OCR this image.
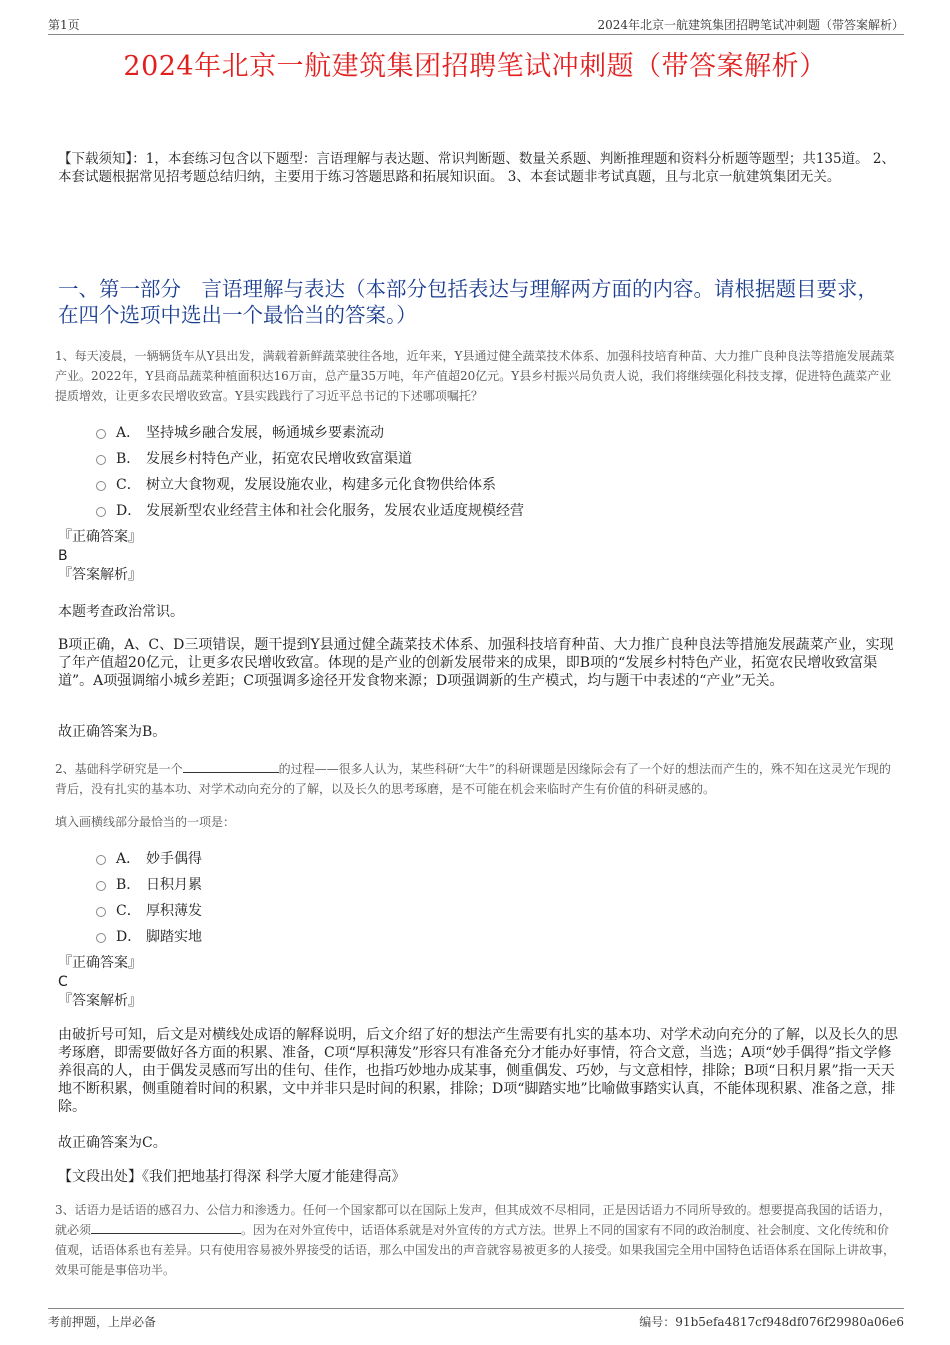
第1页	2024年北京一航建筑集团招聘笔试冲刺题（带答案解析）
2024年北京一航建筑集团招聘笔试冲刺题（带答案解析）
【下载须知】：1，本套练习包含以下题型：言语理解与表达题、常识判断题、数量关系题、判断推理题和资料分析题等题型；共135道。 2、本套试题根据常见招考题总结归纳，主要用于练习答题思路和拓展知识面。 3、本套试题非考试真题，且与北京一航建筑集团无关。
一、第一部分　言语理解与表达（本部分包括表达与理解两方面的内容。请根据题目要求，在四个选项中选出一个最恰当的答案。）
1、每天凌晨，一辆辆货车从Y县出发，满载着新鲜蔬菜驶往各地，近年来，Y县通过健全蔬菜技术体系、加强科技培育种苗、大力推广良种良法等措施发展蔬菜产业。2022年，Y县商品蔬菜种植面积达16万亩，总产量35万吨，年产值超20亿元。Y县乡村振兴局负责人说，我们将继续强化科技支撑，促进特色蔬菜产业提质增效，让更多农民增收致富。Y县实践践行了习近平总书记的下述哪项嘱托？
A． 坚持城乡融合发展，畅通城乡要素流动
B． 发展乡村特色产业，拓宽农民增收致富渠道
C． 树立大食物观，发展设施农业，构建多元化食物供给体系
D． 发展新型农业经营主体和社会化服务，发展农业适度规模经营
『正确答案』
B
『答案解析』
本题考查政治常识。
B项正确，A、C、D三项错误，题干提到Y县通过健全蔬菜技术体系、加强科技培育种苗、大力推广良种良法等措施发展蔬菜产业，实现了年产值超20亿元，让更多农民增收致富。体现的是产业的创新发展带来的成果，即B项的“发展乡村特色产业，拓宽农民增收致富渠道”。A项强调缩小城乡差距；C项强调多途径开发食物来源；D项强调新的生产模式，均与题干中表述的“产业”无关。
故正确答案为B。
2、基础科学研究是一个	的过程——很多人认为，某些科研“大牛”的科研课题是因缘际会有了一个好的想法而产生的，殊不知在这灵光乍现的背后，没有扎实的基本功、对学术动向充分的了解，以及长久的思考琢磨，是不可能在机会来临时产生有价值的科研灵感的。
填入画横线部分最恰当的一项是：
A． 妙手偶得
B． 日积月累
C． 厚积薄发
D． 脚踏实地
『正确答案』
C
『答案解析』
由破折号可知，后文是对横线处成语的解释说明，后文介绍了好的想法产生需要有扎实的基本功、对学术动向充分的了解，以及长久的思考琢磨，即需要做好各方面的积累、准备，C项“厚积薄发”形容只有准备充分才能办好事情，符合文意，当选；A项“妙手偶得”指文学修养很高的人，由于偶发灵感而写出的佳句、佳作，也指巧妙地办成某事，侧重偶发、巧妙，与文意相悖，排除；B项“日积月累”指一天天地不断积累，侧重随着时间的积累，文中并非只是时间的积累，排除；D项“脚踏实地”比喻做事踏实认真，不能体现积累、准备之意，排除。
故正确答案为C。
【文段出处】《我们把地基打得深 科学大厦才能建得高》
3、话语力是话语的感召力、公信力和渗透力。任何一个国家都可以在国际上发声，但其成效不尽相同，正是因话语力不同所导致的。想要提高我国的话语力，就必须	。因为在对外宣传中，话语体系就是对外宣传的方式方法。世界上不同的国家有不同的政治制度、社会制度、文化传统和价值观，话语体系也有差异。只有使用容易被外界接受的话语，那么中国发出的声音就容易被更多的人接受。如果我国完全用中国特色话语体系在国际上讲故事，效果可能是事倍功半。
考前押题，上岸必备	编号：91b5efa4817cf948df076f29980a06e6
